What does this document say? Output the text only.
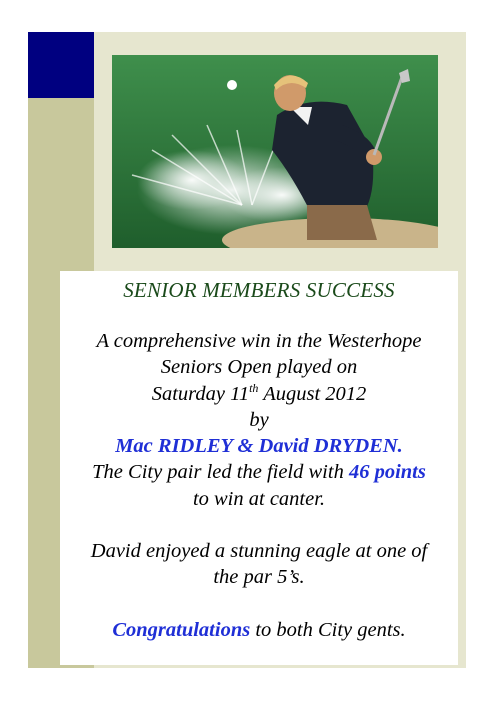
SENIOR MEMBERS SUCCESS
A comprehensive win in the Westerhope
Seniors Open played on
Saturday 11th August 2012
by
Mac RIDLEY & David DRYDEN.
The City pair led the field with 46 points
to win at canter.
David enjoyed a stunning eagle at one of
the par 5’s.
Congratulations to both City gents.
